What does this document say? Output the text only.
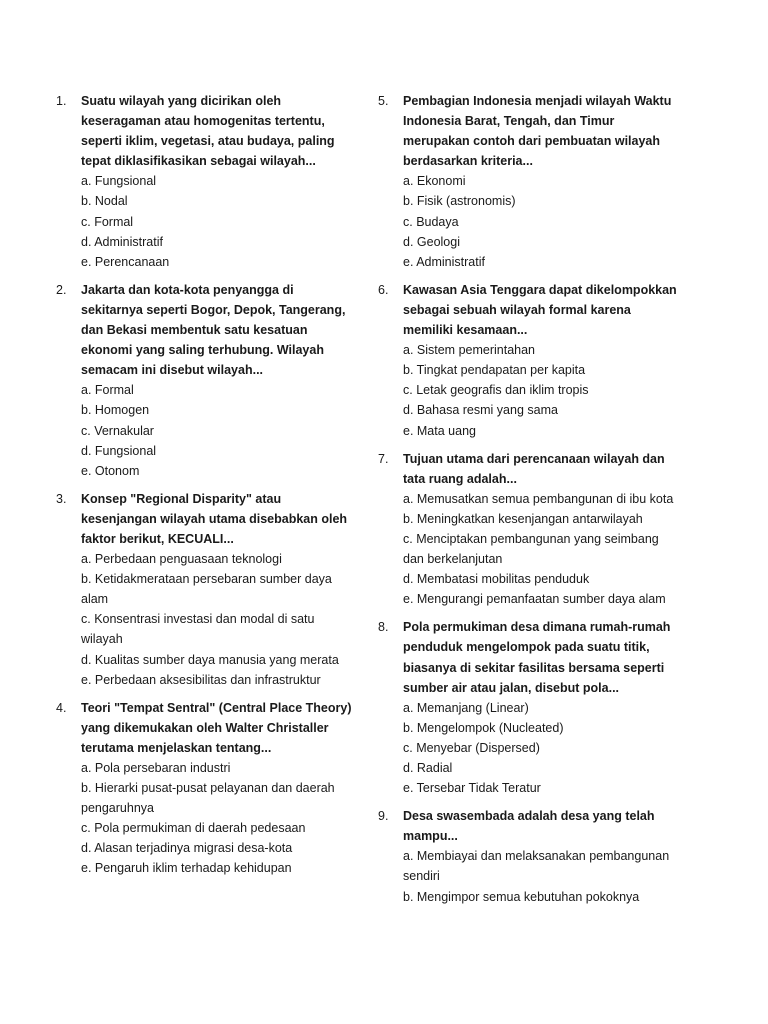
1. Suatu wilayah yang dicirikan oleh keseragaman atau homogenitas tertentu, seperti iklim, vegetasi, atau budaya, paling tepat diklasifikasikan sebagai wilayah...
a. Fungsional
b. Nodal
c. Formal
d. Administratif
e. Perencanaan
2. Jakarta dan kota-kota penyangga di sekitarnya seperti Bogor, Depok, Tangerang, dan Bekasi membentuk satu kesatuan ekonomi yang saling terhubung. Wilayah semacam ini disebut wilayah...
a. Formal
b. Homogen
c. Vernakular
d. Fungsional
e. Otonom
3. Konsep "Regional Disparity" atau kesenjangan wilayah utama disebabkan oleh faktor berikut, KECUALI...
a. Perbedaan penguasaan teknologi
b. Ketidakmerataan persebaran sumber daya alam
c. Konsentrasi investasi dan modal di satu wilayah
d. Kualitas sumber daya manusia yang merata
e. Perbedaan aksesibilitas dan infrastruktur
4. Teori "Tempat Sentral" (Central Place Theory) yang dikemukakan oleh Walter Christaller terutama menjelaskan tentang...
a. Pola persebaran industri
b. Hierarki pusat-pusat pelayanan dan daerah pengaruhnya
c. Pola permukiman di daerah pedesaan
d. Alasan terjadinya migrasi desa-kota
e. Pengaruh iklim terhadap kehidupan
5. Pembagian Indonesia menjadi wilayah Waktu Indonesia Barat, Tengah, dan Timur merupakan contoh dari pembuatan wilayah berdasarkan kriteria...
a. Ekonomi
b. Fisik (astronomis)
c. Budaya
d. Geologi
e. Administratif
6. Kawasan Asia Tenggara dapat dikelompokkan sebagai sebuah wilayah formal karena memiliki kesamaan...
a. Sistem pemerintahan
b. Tingkat pendapatan per kapita
c. Letak geografis dan iklim tropis
d. Bahasa resmi yang sama
e. Mata uang
7. Tujuan utama dari perencanaan wilayah dan tata ruang adalah...
a. Memusatkan semua pembangunan di ibu kota
b. Meningkatkan kesenjangan antarwilayah
c. Menciptakan pembangunan yang seimbang dan berkelanjutan
d. Membatasi mobilitas penduduk
e. Mengurangi pemanfaatan sumber daya alam
8. Pola permukiman desa dimana rumah-rumah penduduk mengelompok pada suatu titik, biasanya di sekitar fasilitas bersama seperti sumber air atau jalan, disebut pola...
a. Memanjang (Linear)
b. Mengelompok (Nucleated)
c. Menyebar (Dispersed)
d. Radial
e. Tersebar Tidak Teratur
9. Desa swasembada adalah desa yang telah mampu...
a. Membiayai dan melaksanakan pembangunan sendiri
b. Mengimpor semua kebutuhan pokoknya
